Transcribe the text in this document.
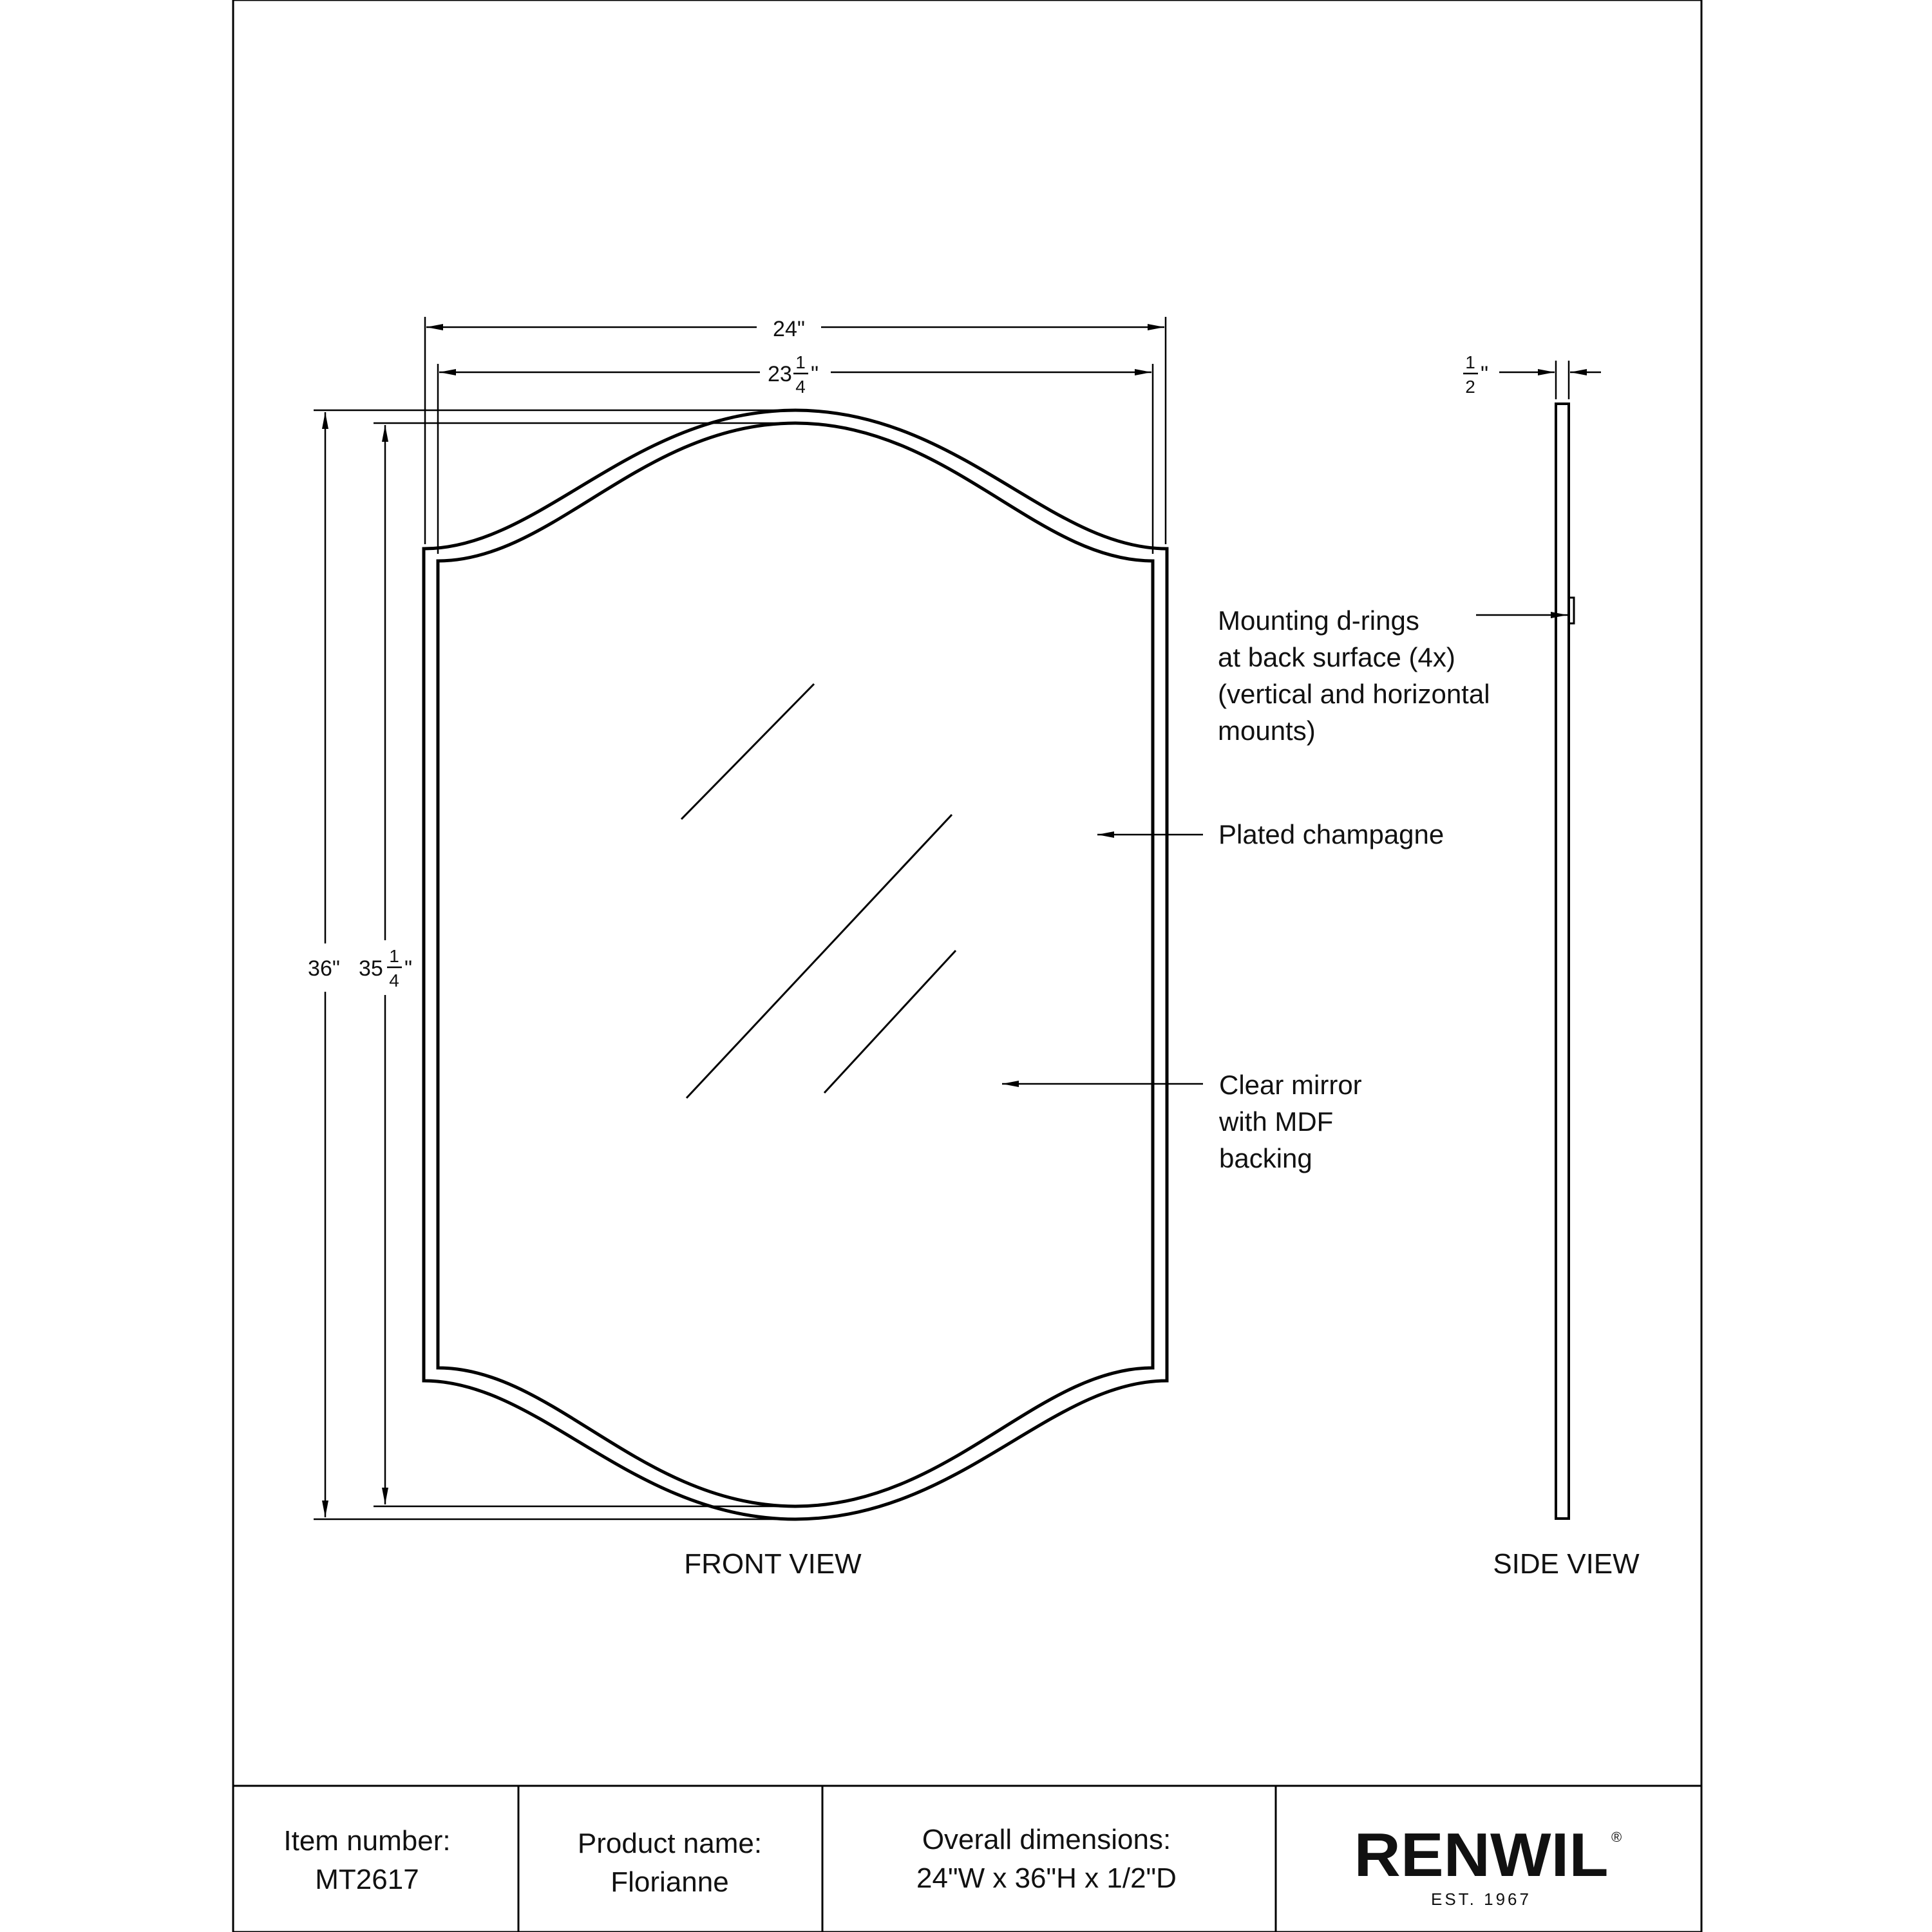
24"
23 1
4
"
36" 35
1
4 "
Plated champagne
Clear mirror
with MDF
backing
1
2
"
Mounting d-rings
at back surface (4x)
(vertical and horizontal
mounts)
FRONT VIEW	SIDE VIEW
Item number:
MT2617
Product name:
Florianne
Overall dimensions:
24"W x 36"H x 1/2"D	RENWIL ®
EST. 1967
